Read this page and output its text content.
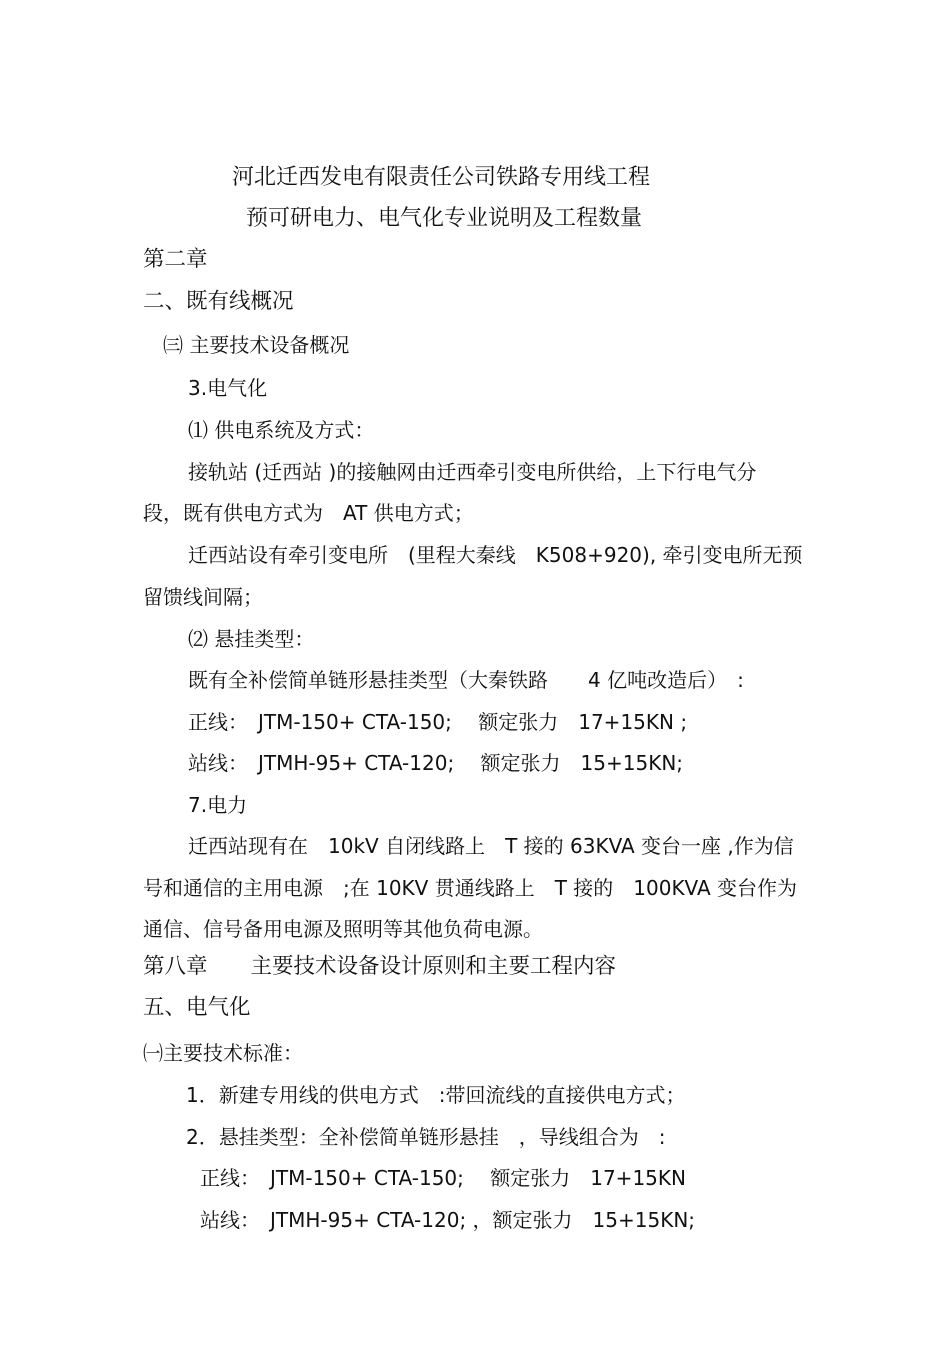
河北迁西发电有限责任公司铁路专用线工程
预可研电力、电气化专业说明及工程数量
第二章
二、既有线概况
㈢ 主要技术设备概况
3.电气化
⑴ 供电系统及方式：
接轨站 (迁西站 )的接触网由迁西牵引变电所供给，上下行电气分
段，既有供电方式为　AT 供电方式；
迁西站设有牵引变电所　(里程大秦线　K508+920), 牵引变电所无预
留馈线间隔；
⑵ 悬挂类型：
既有全补偿简单链形悬挂类型（大秦铁路　　4 亿吨改造后）　:
正线：　JTM-150+ CTA-150;　 额定张力　17+15KN ;
站线：　JTMH-95+ CTA-120;　 额定张力　15+15KN;
7.电力
迁西站现有在　10kV 自闭线路上　T 接的 63KVA 变台一座 ,作为信
号和通信的主用电源　;在 10KV 贯通线路上　T 接的　100KVA 变台作为
通信、信号备用电源及照明等其他负荷电源。
第八章　　主要技术设备设计原则和主要工程内容
五、电气化
㈠主要技术标准：
1．新建专用线的供电方式　:带回流线的直接供电方式；
2．悬挂类型：全补偿简单链形悬挂　，导线组合为　:
正线：　JTM-150+ CTA-150;　 额定张力　17+15KN
站线：　JTMH-95+ CTA-120; ，额定张力　15+15KN;
